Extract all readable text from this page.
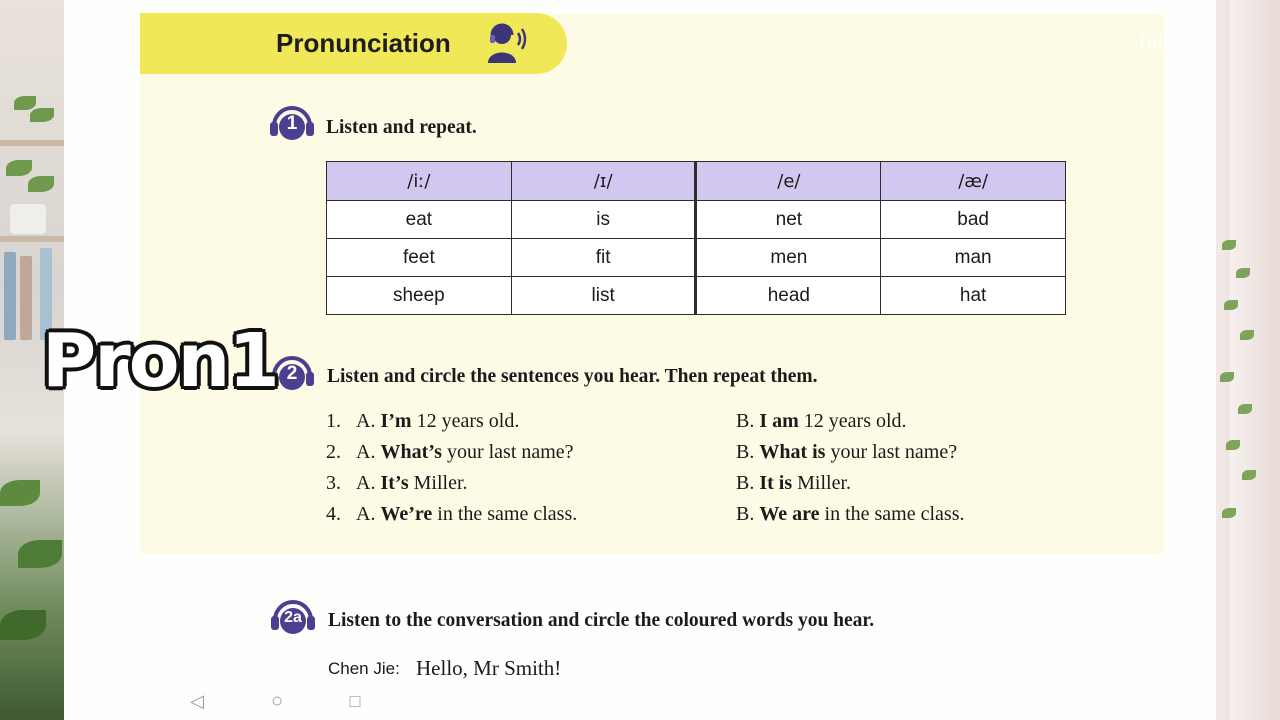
Pronunciation	bili
1	Listen and repeat.
/iː/	/ɪ/	/e/	/æ/
eat	is	net	bad
feet	fit	men	man
sheep	list	head	hat
2	Listen and circle the sentences you hear. Then repeat them.
1. A. I’m 12 years old.	B. I am 12 years old.
2. A. What’s your last name?	B. What is your last name?
3. A. It’s Miller.	B. It is Miller.
4. A. We’re in the same class.	B. We are in the same class.
2a	Listen to the conversation and circle the coloured words you hear.
Chen Jie: Hello, Mr Smith!
◁	○	□
Pron1
